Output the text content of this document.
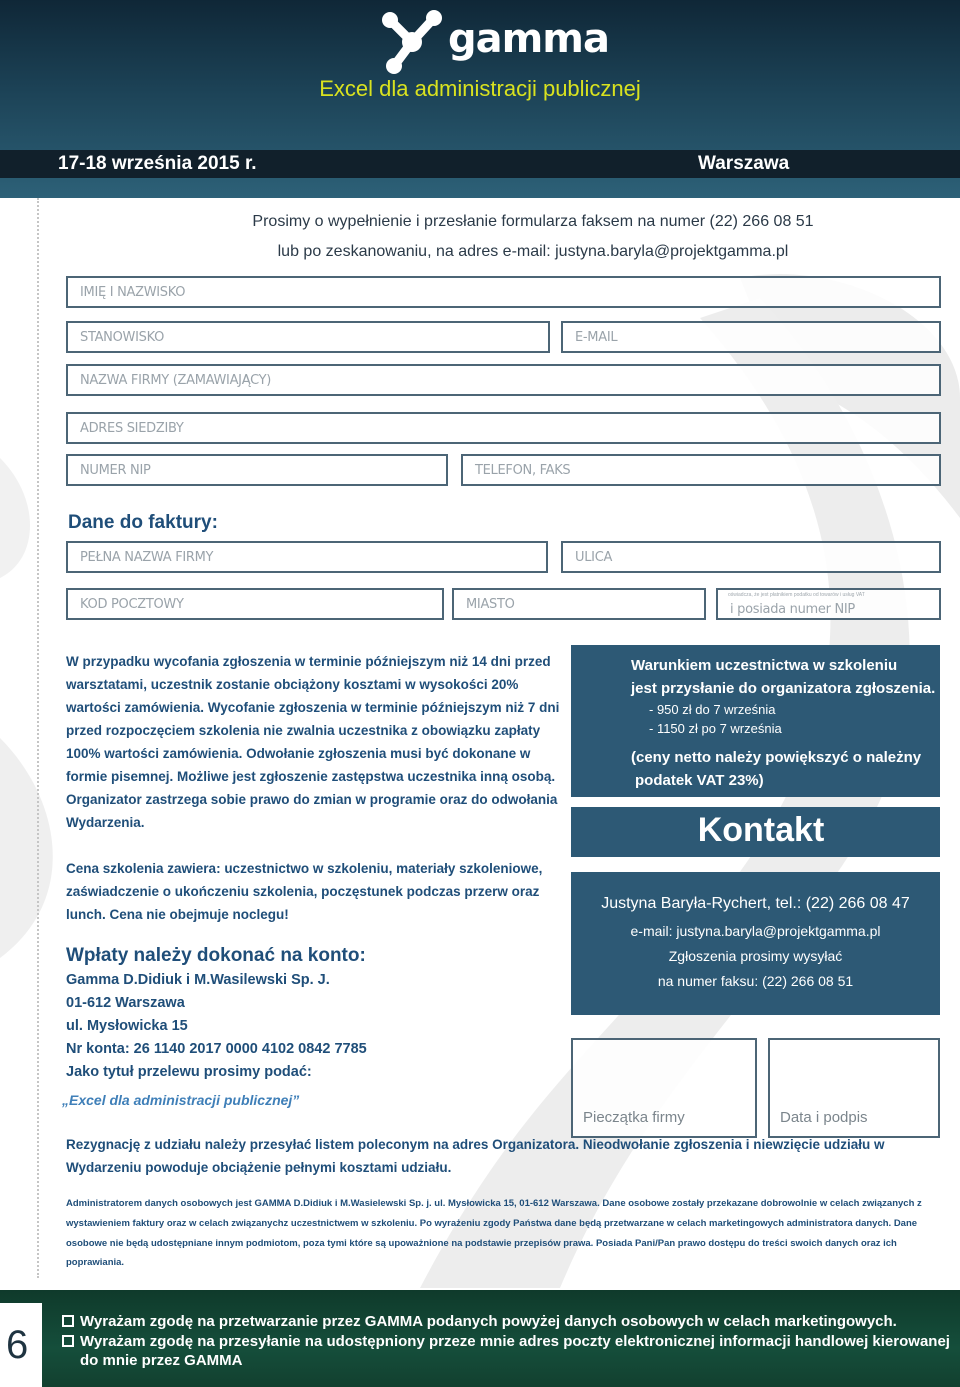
gamma
Excel dla administracji publicznej
17-18 września 2015 r.	Warszawa
Prosimy o wypełnienie i przesłanie formularza faksem na numer (22) 266 08 51
lub po zeskanowaniu, na adres e-mail: justyna.baryla@projektgamma.pl
IMIĘ I NAZWISKO
STANOWISKO	E-MAIL
NAZWA FIRMY (ZAMAWIAJĄCY)
ADRES SIEDZIBY
NUMER NIP	TELEFON, FAKS
Dane do faktury:
PEŁNA NAZWA FIRMY	ULICA
KOD POCZTOWY	MIASTO
oświadcza, że jest płatnikiem podatku od towarów i usług VAT
i posiada numer NIP
W przypadku wycofania zgłoszenia w terminie późniejszym niż 14 dni przed warsztatami, uczestnik zostanie obciążony kosztami w wysokości 20% wartości zamówienia. Wycofanie zgłoszenia w terminie późniejszym niż 7 dni przed rozpoczęciem szkolenia nie zwalnia uczestnika z obowiązku zapłaty 100% wartości zamówienia. Odwołanie zgłoszenia musi być dokonane w formie pisemnej. Możliwe jest zgłoszenie zastępstwa uczestnika inną osobą. Organizator zastrzega sobie prawo do zmian w programie oraz do odwołania Wydarzenia.
Cena szkolenia zawiera: uczestnictwo w szkoleniu, materiały szkoleniowe, zaświadczenie o ukończeniu szkolenia, poczęstunek podczas przerw oraz lunch. Cena nie obejmuje noclegu!
Wpłaty należy dokonać na konto:
Gamma D.Didiuk i M.Wasilewski Sp. J.
01-612 Warszawa
ul. Mysłowicka 15
Nr konta: 26 1140 2017 0000 4102 0842 7785
Jako tytuł przelewu prosimy podać:
„Excel dla administracji publicznej”
Warunkiem uczestnictwa w szkoleniu
jest przysłanie do organizatora zgłoszenia.
- 950 zł do 7 września
- 1150 zł po 7 września
(ceny netto należy powiększyć o należny
podatek VAT 23%)
Kontakt
Justyna Baryła-Rychert, tel.: (22) 266 08 47
e-mail: justyna.baryla@projektgamma.pl
Zgłoszenia prosimy wysyłać
na numer faksu: (22) 266 08 51
Pieczątka firmy	Data i podpis
Rezygnację z udziału należy przesyłać listem poleconym na adres Organizatora. Nieodwołanie zgłoszenia i niewzięcie udziału w Wydarzeniu powoduje obciążenie pełnymi kosztami udziału.
Administratorem danych osobowych jest GAMMA D.Didiuk i M.Wasielewski Sp. j. ul. Mysłowicka 15, 01-612 Warszawa. Dane osobowe zostały przekazane dobrowolnie w celach związanych z wystawieniem faktury oraz w celach związanychz uczestnictwem w szkoleniu. Po wyrażeniu zgody Państwa dane będą przetwarzane w celach marketingowych administratora danych. Dane osobowe nie będą udostępniane innym podmiotom, poza tymi które są upoważnione na podstawie przepisów prawa. Posiada Pani/Pan prawo dostępu do treści swoich danych oraz ich poprawiania.
6
Wyrażam zgodę na przetwarzanie przez GAMMA podanych powyżej danych osobowych w celach marketingowych.
Wyrażam zgodę na przesyłanie na udostępniony przeze mnie adres poczty elektronicznej informacji handlowej kierowanej
do mnie przez GAMMA
